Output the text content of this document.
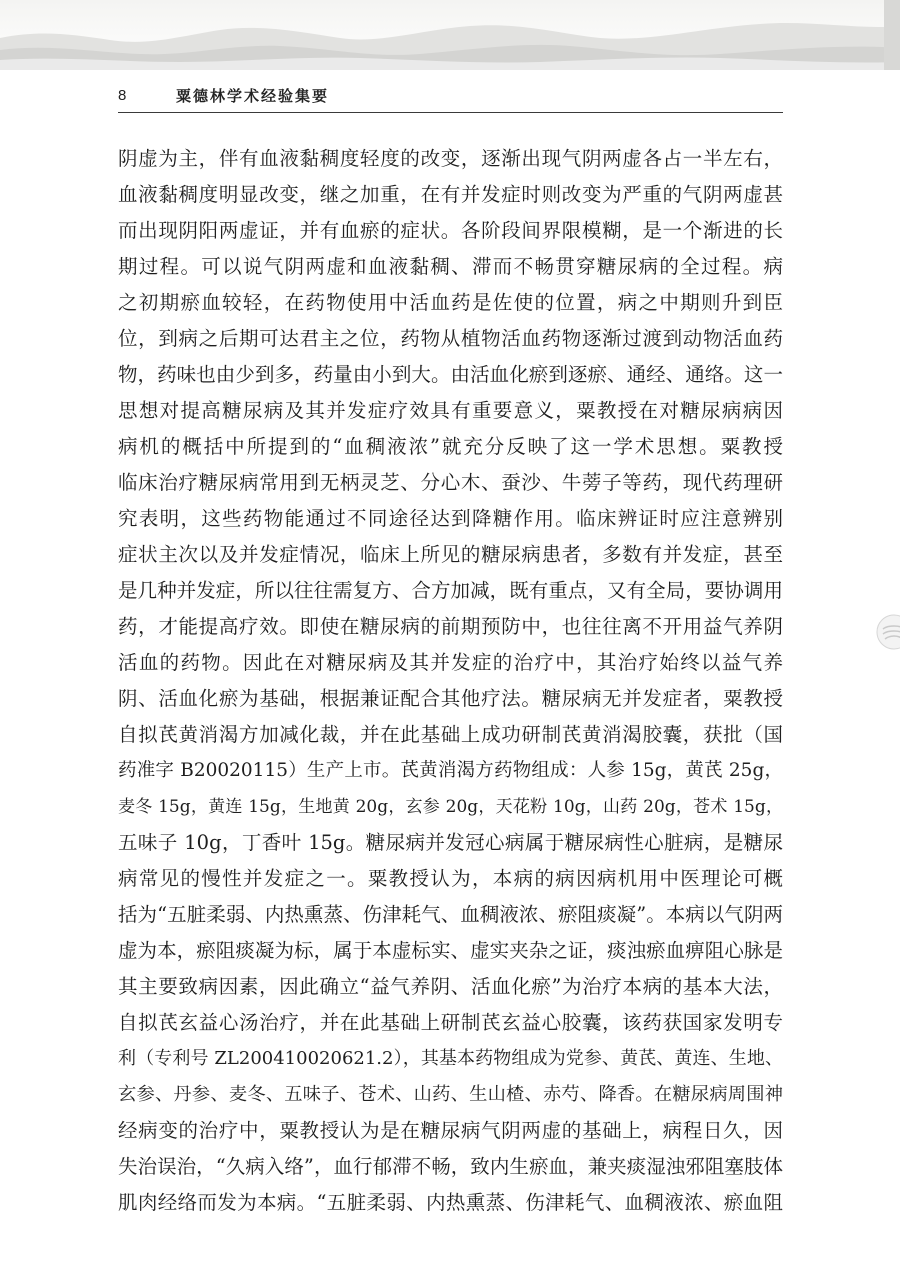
8	粟德林学术经验集要
阴虚为主，伴有血液黏稠度轻度的改变，逐渐出现气阴两虚各占一半左右，
血液黏稠度明显改变，继之加重，在有并发症时则改变为严重的气阴两虚甚
而出现阴阳两虚证，并有血瘀的症状。各阶段间界限模糊，是一个渐进的长
期过程。可以说气阴两虚和血液黏稠、滞而不畅贯穿糖尿病的全过程。病
之初期瘀血较轻，在药物使用中活血药是佐使的位置，病之中期则升到臣
位，到病之后期可达君主之位，药物从植物活血药物逐渐过渡到动物活血药
物，药味也由少到多，药量由小到大。由活血化瘀到逐瘀、通经、通络。这一
思想对提高糖尿病及其并发症疗效具有重要意义，粟教授在对糖尿病病因
病机的概括中所提到的“血稠液浓”就充分反映了这一学术思想。粟教授
临床治疗糖尿病常用到无柄灵芝、分心木、蚕沙、牛蒡子等药，现代药理研
究表明，这些药物能通过不同途径达到降糖作用。临床辨证时应注意辨别
症状主次以及并发症情况，临床上所见的糖尿病患者，多数有并发症，甚至
是几种并发症，所以往往需复方、合方加减，既有重点，又有全局，要协调用
药，才能提高疗效。即使在糖尿病的前期预防中，也往往离不开用益气养阴
活血的药物。因此在对糖尿病及其并发症的治疗中，其治疗始终以益气养
阴、活血化瘀为基础，根据兼证配合其他疗法。糖尿病无并发症者，粟教授
自拟芪黄消渴方加减化裁，并在此基础上成功研制芪黄消渴胶囊，获批（国
药准字 B20020115）生产上市。芪黄消渴方药物组成：人参 15g，黄芪 25g，
麦冬 15g，黄连 15g，生地黄 20g，玄参 20g，天花粉 10g，山药 20g，苍术 15g，
五味子 10g，丁香叶 15g。糖尿病并发冠心病属于糖尿病性心脏病，是糖尿
病常见的慢性并发症之一。粟教授认为，本病的病因病机用中医理论可概
括为“五脏柔弱、内热熏蒸、伤津耗气、血稠液浓、瘀阻痰凝”。本病以气阴两
虚为本，瘀阻痰凝为标，属于本虚标实、虚实夹杂之证，痰浊瘀血痹阻心脉是
其主要致病因素，因此确立“益气养阴、活血化瘀”为治疗本病的基本大法，
自拟芪玄益心汤治疗，并在此基础上研制芪玄益心胶囊，该药获国家发明专
利（专利号 ZL200410020621.2），其基本药物组成为党参、黄芪、黄连、生地、
玄参、丹参、麦冬、五味子、苍术、山药、生山楂、赤芍、降香。在糖尿病周围神
经病变的治疗中，粟教授认为是在糖尿病气阴两虚的基础上，病程日久，因
失治误治，“久病入络”，血行郁滞不畅，致内生瘀血，兼夹痰湿浊邪阻塞肢体
肌肉经络而发为本病。“五脏柔弱、内热熏蒸、伤津耗气、血稠液浓、瘀血阻
